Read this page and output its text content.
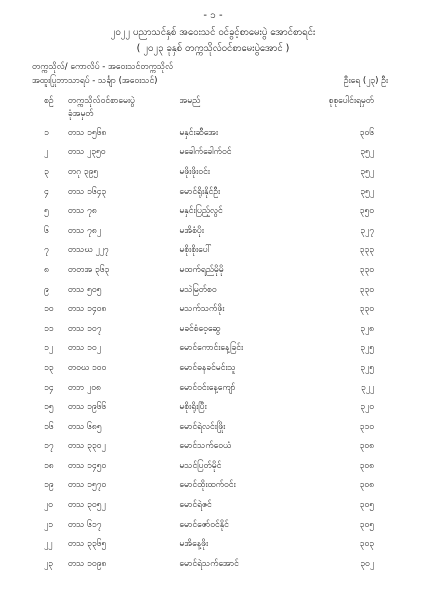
- ၁ -
၂၀၂၂ ပညာသင်နှစ် အဝေးသင် ဝင်ခွင့်စာမေးပွဲ အောင်စာရင်း
( ၂၀၂၃ ခုနှစ် တက္ကသိုလ်ဝင်စာမေးပွဲအောင် )
တက္ကသိုလ်/ ကောလိပ် - အဝေးသင်တက္ကသိုလ်
အထူးပြုဘာသာရပ် - သင်္ချာ (အဝေးသင်)	ဦးရေ (၂၃) ဦး
စဉ်	တက္ကသိုလ်ဝင်စာမေးပွဲ
ခုံအမှတ်	အမည်	စုစုပေါင်းရမှတ်
၁	တသ ၁၅၆၈	မနှင်းဆီအေး	၃၀၆
၂	တသ ၂၃၅၀	မခေါက်ခေါက်ဝင်	၃၅၂
၃	တဂု ၃၉၅	မဖိုးဖိုးဝင်း	၃၅၂
၄	တသ ၁၆၄၃	မောင်ရိုးနိုင်ဦး	၃၅၂
၅	တသ ၇၈	မနှင်းပြည့်လွင်	၃၅၀
၆	တသ ၇၈၂	မအိစံပိုး	၃၂၇
၇	တသဃ ၂၂၇	မစိုးစိုးပေါ်	၃၃၃
၈	တတအ ၃၆၃	မထက်ရည်မိုမို	၃၃၀
၉	တသ ၅၀၅	မသဲမြတ်စဝ	၃၃၀
၁၀	တသ ၁၄၀၈	မသက်သက်ဖိုး	၃၃၀
၁၁	တသ ၁၀၇	မခင်စံဝေ့ဆွေ	၃၂၈
၁၂	တသ ၁၀၂	မောင်ကောင်းနေ့ခြင်း	၃၂၅
၁၃	တဝဃ ၁၀၀	မောင်ဓနခင်မင်းသူ	၃၂၅
၁၄	တဘ ၂၀၈	မောင်ဝင်းနေ့ကျော်	၃၂၂
၁၅	တသ ၁၉၆၆	မစိုးရိုးပြီး	၃၂၀
၁၆	တသ ၆၈၅	မောင်ရဲလင်းဖြိုး	၃၁၀
၁၇	တသ ၃၃၀၂	မောင်သက်ဝေယံ	၃၀၈
၁၈	တသ ၁၄၅၀	မသင်ပြတ်မိုင်	၃၀၈
၁၉	တသ ၁၅၇၀	မောင်ထိုးထက်ဝင်း	၃၀၈
၂၀	တသ ၃၀၅၂	မောင်ရဲဇင်	၃၀၅
၂၁	တသ ၆၁၇	မောင်ဇော်ဝင်နိုင်	၃၀၅
၂၂	တသ ၃၃၆၅	မအိနေ့ဖိုး	၃၀၃
၂၃	တသ ၁၀၉၈	မောင်ရဲသက်အောင်	၃၀၂
